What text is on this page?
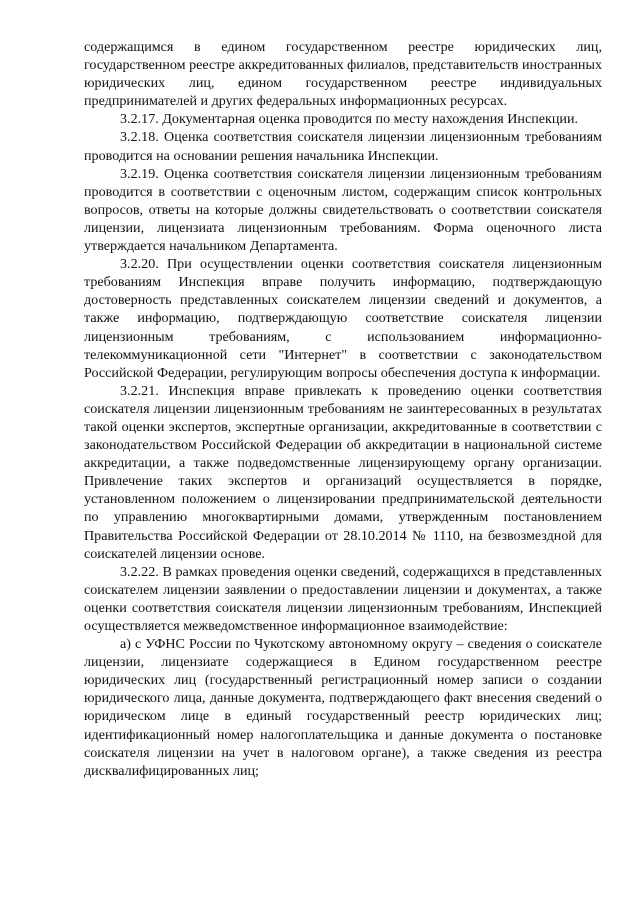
содержащимся в едином государственном реестре юридических лиц, государственном реестре аккредитованных филиалов, представительств иностранных юридических лиц, едином государственном реестре индивидуальных предпринимателей и других федеральных информационных ресурсах.

3.2.17. Документарная оценка проводится по месту нахождения Инспекции.

3.2.18. Оценка соответствия соискателя лицензии лицензионным требованиям проводится на основании решения начальника Инспекции.

3.2.19. Оценка соответствия соискателя лицензии лицензионным требованиям проводится в соответствии с оценочным листом, содержащим список контрольных вопросов, ответы на которые должны свидетельствовать о соответствии соискателя лицензии, лицензиата лицензионным требованиям. Форма оценочного листа утверждается начальником Департамента.

3.2.20. При осуществлении оценки соответствия соискателя лицензионным требованиям Инспекция вправе получить информацию, подтверждающую достоверность представленных соискателем лицензии сведений и документов, а также информацию, подтверждающую соответствие соискателя лицензии лицензионным требованиям, с использованием информационно-телекоммуникационной сети "Интернет" в соответствии с законодательством Российской Федерации, регулирующим вопросы обеспечения доступа к информации.

3.2.21. Инспекция вправе привлекать к проведению оценки соответствия соискателя лицензии лицензионным требованиям не заинтересованных в результатах такой оценки экспертов, экспертные организации, аккредитованные в соответствии с законодательством Российской Федерации об аккредитации в национальной системе аккредитации, а также подведомственные лицензирующему органу организации. Привлечение таких экспертов и организаций осуществляется в порядке, установленном положением о лицензировании предпринимательской деятельности по управлению многоквартирными домами, утвержденным постановлением Правительства Российской Федерации от 28.10.2014 № 1110, на безвозмездной для соискателей лицензии основе.

3.2.22. В рамках проведения оценки сведений, содержащихся в представленных соискателем лицензии заявлении о предоставлении лицензии и документах, а также оценки соответствия соискателя лицензии лицензионным требованиям, Инспекцией осуществляется межведомственное информационное взаимодействие:

а) с УФНС России по Чукотскому автономному округу – сведения о соискателе лицензии, лицензиате содержащиеся в Едином государственном реестре юридических лиц (государственный регистрационный номер записи о создании юридического лица, данные документа, подтверждающего факт внесения сведений о юридическом лице в единый государственный реестр юридических лиц; идентификационный номер налогоплательщика и данные документа о постановке соискателя лицензии на учет в налоговом органе), а также сведения из реестра дисквалифицированных лиц;
